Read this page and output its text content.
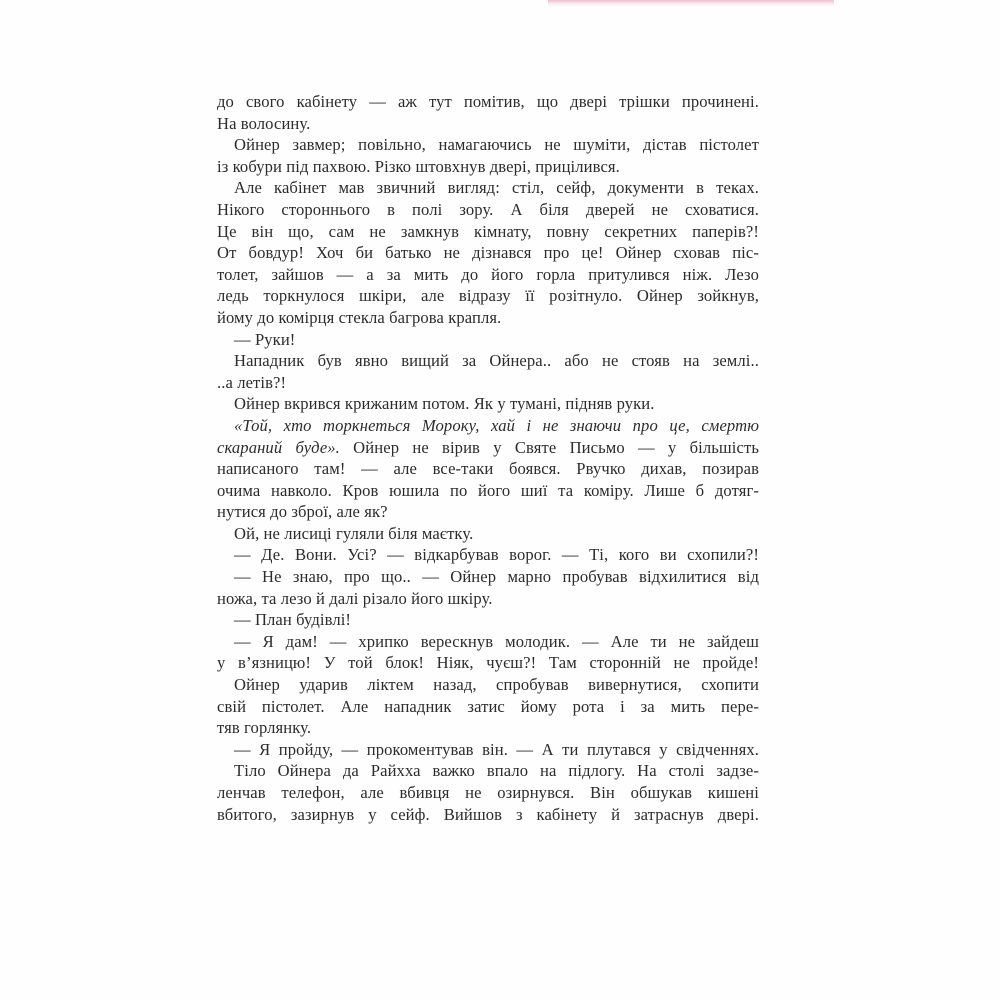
до свого кабінету — аж тут помітив, що двері трішки прочинені.
На волосину.
Ойнер завмер; повільно, намагаючись не шуміти, дістав пістолет
із кобури під пахвою. Різко штовхнув двері, прицілився.
Але кабінет мав звичний вигляд: стіл, сейф, документи в теках.
Нікого стороннього в полі зору. А біля дверей не сховатися.
Це він що, сам не замкнув кімнату, повну секретних паперів?!
От бовдур! Хоч би батько не дізнався про це! Ойнер сховав піс-
толет, зайшов — а за мить до його горла притулився ніж. Лезо
ледь торкнулося шкіри, але відразу її розітнуло. Ойнер зойкнув,
йому до комірця стекла багрова крапля.
— Руки!
Нападник був явно вищий за Ойнера.. або не стояв на землі..
..а летів?!
Ойнер вкрився крижаним потом. Як у тумані, підняв руки.
«Той, хто торкнеться Мороку, хай і не знаючи про це, смертю
скараний буде». Ойнер не вірив у Святе Письмо — у більшість
написаного там! — але все-таки боявся. Рвучко дихав, позирав
очима навколо. Кров юшила по його шиї та коміру. Лише б дотяг-
нутися до зброї, але як?
Ой, не лисиці гуляли біля маєтку.
— Де. Вони. Усі? — відкарбував ворог. — Ті, кого ви схопили?!
— Не знаю, про що.. — Ойнер марно пробував відхилитися від
ножа, та лезо й далі різало його шкіру.
— План будівлі!
— Я дам! — хрипко верескнув молодик. — Але ти не зайдеш
у в’язницю! У той блок! Ніяк, чуєш?! Там сторонній не пройде!
Ойнер ударив ліктем назад, спробував вивернутися, схопити
свій пістолет. Але нападник затис йому рота і за мить пере-
тяв горлянку.
— Я пройду, — прокоментував він. — А ти плутався у свідченнях.
Тіло Ойнера да Райхха важко впало на підлогу. На столі задзе-
ленчав телефон, але вбивця не озирнувся. Він обшукав кишені
вбитого, зазирнув у сейф. Вийшов з кабінету й затраснув двері.
